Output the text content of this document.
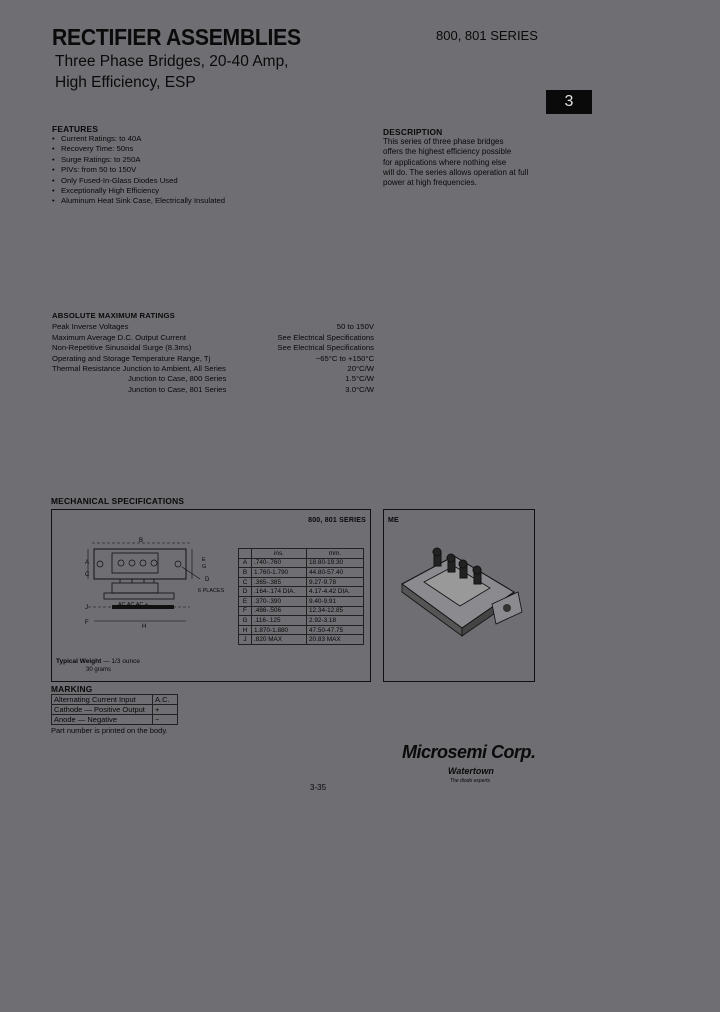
RECTIFIER ASSEMBLIES
Three Phase Bridges, 20-40 Amp,
High Efficiency, ESP
800, 801 SERIES
3
FEATURES
• Current Ratings: to 40A
• Recovery Time: 50ns
• Surge Ratings: to 250A
• PIVs: from 50 to 150V
• Only Fused-In-Glass Diodes Used
• Exceptionally High Efficiency
• Aluminum Heat Sink Case, Electrically Insulated
DESCRIPTION
This series of three phase bridges
offers the highest efficiency possible
for applications where nothing else
will do. The series allows operation at full
power at high frequencies.
ABSOLUTE MAXIMUM RATINGS
Peak Inverse Voltages	50 to 150V
Maximum Average D.C. Output Current	See Electrical Specifications
Non-Repetitive Sinusoidal Surge (8.3ms)	See Electrical Specifications
Operating and Storage Temperature Range, Tj	−65°C to +150°C
Thermal Resistance Junction to Ambient, All Series	20°C/W
Junction to Case, 800 Series	1.5°C/W
Junction to Case, 801 Series	3.0°C/W
MECHANICAL SPECIFICATIONS
800, 801 SERIES
B
A
C
D
6 PLACES
AC AC AC +
J
H
E
G
F
	ins.	mm.
A	.740-.760	18.80-19.30
B	1.760-1.790	44.80-57.40
C	.365-.385	9.27-9.78
D	.164-.174 DIA.	4.17-4.42 DIA.
E	.370-.390	9.40-9.91
F	.486-.506	12.34-12.85
G	.116-.125	2.92-3.18
H	1.870-1.880	47.50-47.75
J	.820 MAX	20.83 MAX
Typical Weight — 1/3 ounce
30 grams
ME
MARKING
Alternating Current Input	A.C.
Cathode — Positive Output	+
Anode — Negative	−
Part number is printed on the body.
3-35
Microsemi Corp.
Watertown
The diode experts
